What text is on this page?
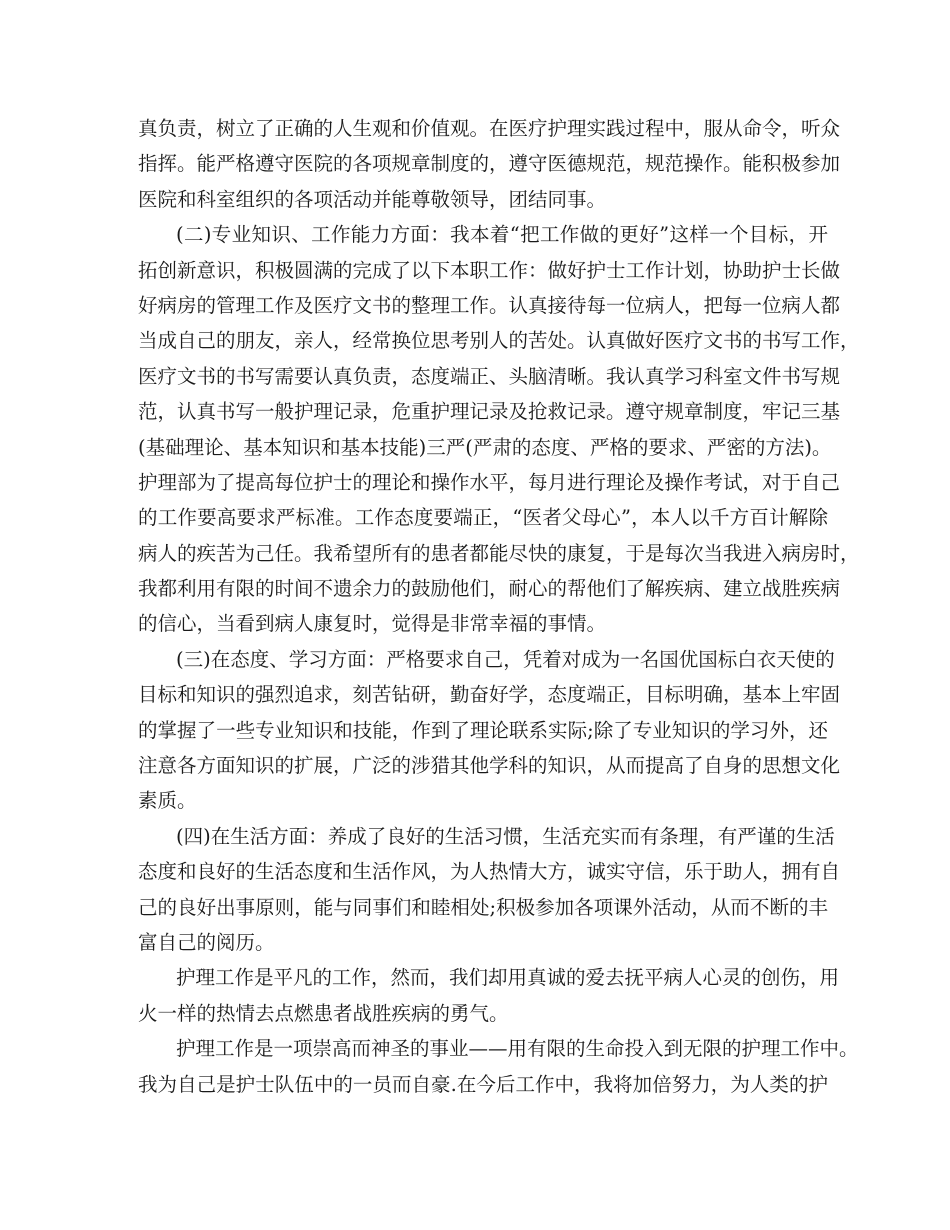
真负责，树立了正确的人生观和价值观。在医疗护理实践过程中，服从命令，听众
指挥。能严格遵守医院的各项规章制度的，遵守医德规范，规范操作。能积极参加
医院和科室组织的各项活动并能尊敬领导，团结同事。
(二)专业知识、工作能力方面：我本着“把工作做的更好”这样一个目标，开
拓创新意识，积极圆满的完成了以下本职工作：做好护士工作计划，协助护士长做
好病房的管理工作及医疗文书的整理工作。认真接待每一位病人，把每一位病人都
当成自己的朋友，亲人，经常换位思考别人的苦处。认真做好医疗文书的书写工作，
医疗文书的书写需要认真负责，态度端正、头脑清晰。我认真学习科室文件书写规
范，认真书写一般护理记录，危重护理记录及抢救记录。遵守规章制度，牢记三基
(基础理论、基本知识和基本技能)三严(严肃的态度、严格的要求、严密的方法)。
护理部为了提高每位护士的理论和操作水平，每月进行理论及操作考试，对于自己
的工作要高要求严标准。工作态度要端正，“医者父母心”，本人以千方百计解除
病人的疾苦为己任。我希望所有的患者都能尽快的康复，于是每次当我进入病房时，
我都利用有限的时间不遗余力的鼓励他们，耐心的帮他们了解疾病、建立战胜疾病
的信心，当看到病人康复时，觉得是非常幸福的事情。
(三)在态度、学习方面：严格要求自己，凭着对成为一名国优国标白衣天使的
目标和知识的强烈追求，刻苦钻研，勤奋好学，态度端正，目标明确，基本上牢固
的掌握了一些专业知识和技能，作到了理论联系实际;除了专业知识的学习外，还
注意各方面知识的扩展，广泛的涉猎其他学科的知识，从而提高了自身的思想文化
素质。
(四)在生活方面：养成了良好的生活习惯，生活充实而有条理，有严谨的生活
态度和良好的生活态度和生活作风，为人热情大方，诚实守信，乐于助人，拥有自
己的良好出事原则，能与同事们和睦相处;积极参加各项课外活动，从而不断的丰
富自己的阅历。
护理工作是平凡的工作，然而，我们却用真诚的爱去抚平病人心灵的创伤，用
火一样的热情去点燃患者战胜疾病的勇气。
护理工作是一项崇高而神圣的事业——用有限的生命投入到无限的护理工作中。
我为自己是护士队伍中的一员而自豪.在今后工作中，我将加倍努力，为人类的护
